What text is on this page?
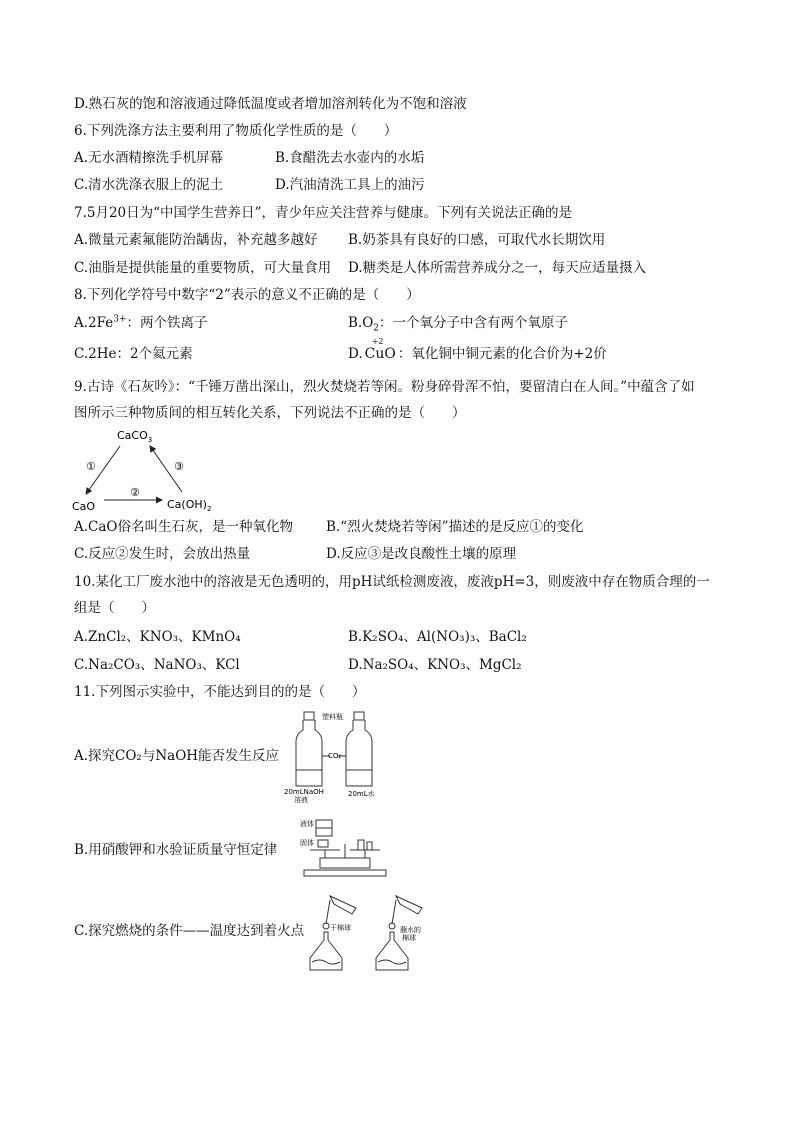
D.熟石灰的饱和溶液通过降低温度或者增加溶剂转化为不饱和溶液
6.下列洗涤方法主要利用了物质化学性质的是（　　）
A.无水酒精擦洗手机屏幕	B.食醋洗去水壶内的水垢
C.清水洗涤衣服上的泥土	D.汽油清洗工具上的油污
7.5月20日为“中国学生营养日”，青少年应关注营养与健康。下列有关说法正确的是
A.微量元素氟能防治龋齿，补充越多越好 B.奶茶具有良好的口感，可取代水长期饮用
C.油脂是提供能量的重要物质，可大量食用 D.糖类是人体所需营养成分之一，每天应适量摄入
8.下列化学符号中数字“2”表示的意义不正确的是（　　）
$A.2Fe^{3+}$：两个铁离子	$B.O_2$：一个氧分子中含有两个氧原子
C.2He：2个氦元素	D.
+2
CuO ：氧化铜中铜元素的化合价为+2价
9.古诗《石灰吟》：“千锤万凿出深山，烈火焚烧若等闲。粉身碎骨浑不怕，要留清白在人间。”中蕴含了如
图所示三种物质间的相互转化关系，下列说法不正确的是（　　）
CaCO$_3$
CaO	$Ca(OH)_2$
①
②
③
A.CaO俗名叫生石灰，是一种氧化物 B.“烈火焚烧若等闲”描述的是反应①的变化
C.反应②发生时，会放出热量	D.反应③是改良酸性土壤的原理
10.某化工厂废水池中的溶液是无色透明的，用pH试纸检测废液，废液pH=3，则废液中存在物质合理的一
组是（　　）
A.ZnCl₂、KNO₃、KMnO₄	B.K₂SO₄、Al(NO₃)₃、BaCl₂
C.Na₂CO₃、NaNO₃、KCl	D.Na₂SO₄、KNO₃、MgCl₂
11.下列图示实验中，不能达到目的的是（　　）
A.探究CO₂与NaOH能否发生反应
塑料瓶
CO₂
20mLNaOH
溶液
20mL水
B.用硝酸钾和水验证质量守恒定律
液体
固体
C.探究燃烧的条件——温度达到着火点	干棉球	蘸水的
棉球
